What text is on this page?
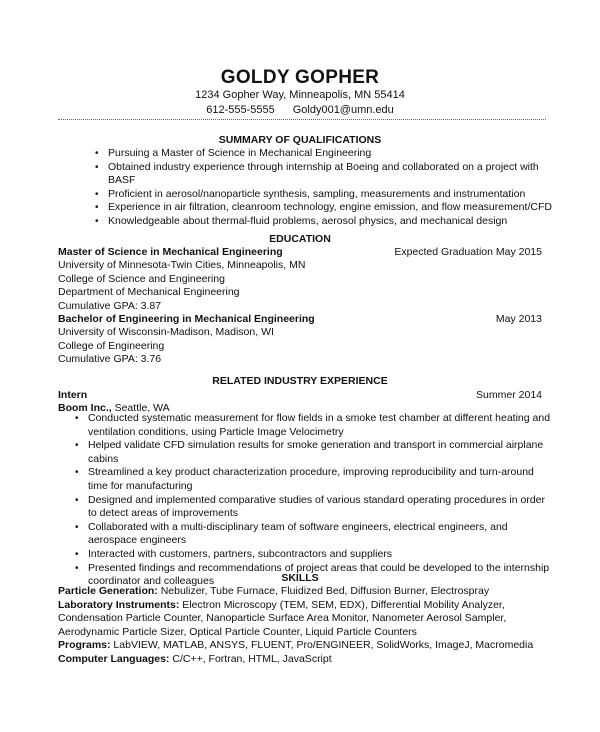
GOLDY GOPHER
1234 Gopher Way, Minneapolis, MN 55414
612-555-5555 Goldy001@umn.edu
SUMMARY OF QUALIFICATIONS
• Pursuing a Master of Science in Mechanical Engineering
• Obtained industry experience through internship at Boeing and collaborated on a project with BASF
• Proficient in aerosol/nanoparticle synthesis, sampling, measurements and instrumentation
• Experience in air filtration, cleanroom technology, engine emission, and flow measurement/CFD
• Knowledgeable about thermal-fluid problems, aerosol physics, and mechanical design
EDUCATION
Master of Science in Mechanical Engineering	Expected Graduation May 2015
University of Minnesota-Twin Cities, Minneapolis, MN
College of Science and Engineering
Department of Mechanical Engineering
Cumulative GPA: 3.87
Bachelor of Engineering in Mechanical Engineering	May 2013
University of Wisconsin-Madison, Madison, WI
College of Engineering
Cumulative GPA: 3.76
RELATED INDUSTRY EXPERIENCE
Intern	Summer 2014
Boom Inc., Seattle, WA
• Conducted systematic measurement for flow fields in a smoke test chamber at different heating and ventilation conditions, using Particle Image Velocimetry
• Helped validate CFD simulation results for smoke generation and transport in commercial airplane cabins
• Streamlined a key product characterization procedure, improving reproducibility and turn-around time for manufacturing
• Designed and implemented comparative studies of various standard operating procedures in order to detect areas of improvements
• Collaborated with a multi-disciplinary team of software engineers, electrical engineers, and aerospace engineers
• Interacted with customers, partners, subcontractors and suppliers
• Presented findings and recommendations of project areas that could be developed to the internship coordinator and colleagues	SKILLS
Particle Generation: Nebulizer, Tube Furnace, Fluidized Bed, Diffusion Burner, Electrospray
Laboratory Instruments: Electron Microscopy (TEM, SEM, EDX), Differential Mobility Analyzer, Condensation Particle Counter, Nanoparticle Surface Area Monitor, Nanometer Aerosol Sampler, Aerodynamic Particle Sizer, Optical Particle Counter, Liquid Particle Counters
Programs: LabVIEW, MATLAB, ANSYS, FLUENT, Pro/ENGINEER, SolidWorks, ImageJ, Macromedia
Computer Languages: C/C++, Fortran, HTML, JavaScript
